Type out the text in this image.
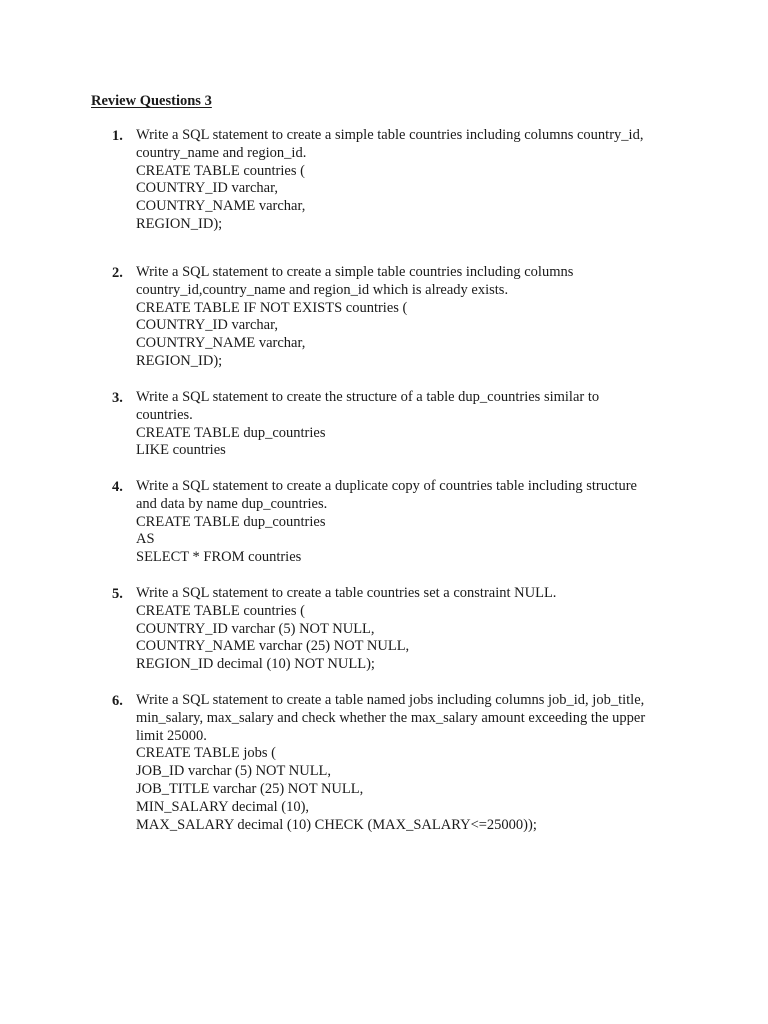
Review Questions 3
1. Write a SQL statement to create a simple table countries including columns country_id,
country_name and region_id.
CREATE TABLE countries (
COUNTRY_ID varchar,
COUNTRY_NAME varchar,
REGION_ID);
2. Write a SQL statement to create a simple table countries including columns
country_id,country_name and region_id which is already exists.
CREATE TABLE IF NOT EXISTS countries (
COUNTRY_ID varchar,
COUNTRY_NAME varchar,
REGION_ID);
3. Write a SQL statement to create the structure of a table dup_countries similar to
countries.
CREATE TABLE dup_countries
LIKE countries
4. Write a SQL statement to create a duplicate copy of countries table including structure
and data by name dup_countries.
CREATE TABLE dup_countries
AS
SELECT * FROM countries
5. Write a SQL statement to create a table countries set a constraint NULL.
CREATE TABLE countries (
COUNTRY_ID varchar (5) NOT NULL,
COUNTRY_NAME varchar (25) NOT NULL,
REGION_ID decimal (10) NOT NULL);
6. Write a SQL statement to create a table named jobs including columns job_id, job_title,
min_salary, max_salary and check whether the max_salary amount exceeding the upper
limit 25000.
CREATE TABLE jobs (
JOB_ID varchar (5) NOT NULL,
JOB_TITLE varchar (25) NOT NULL,
MIN_SALARY decimal (10),
MAX_SALARY decimal (10) CHECK (MAX_SALARY<=25000));
